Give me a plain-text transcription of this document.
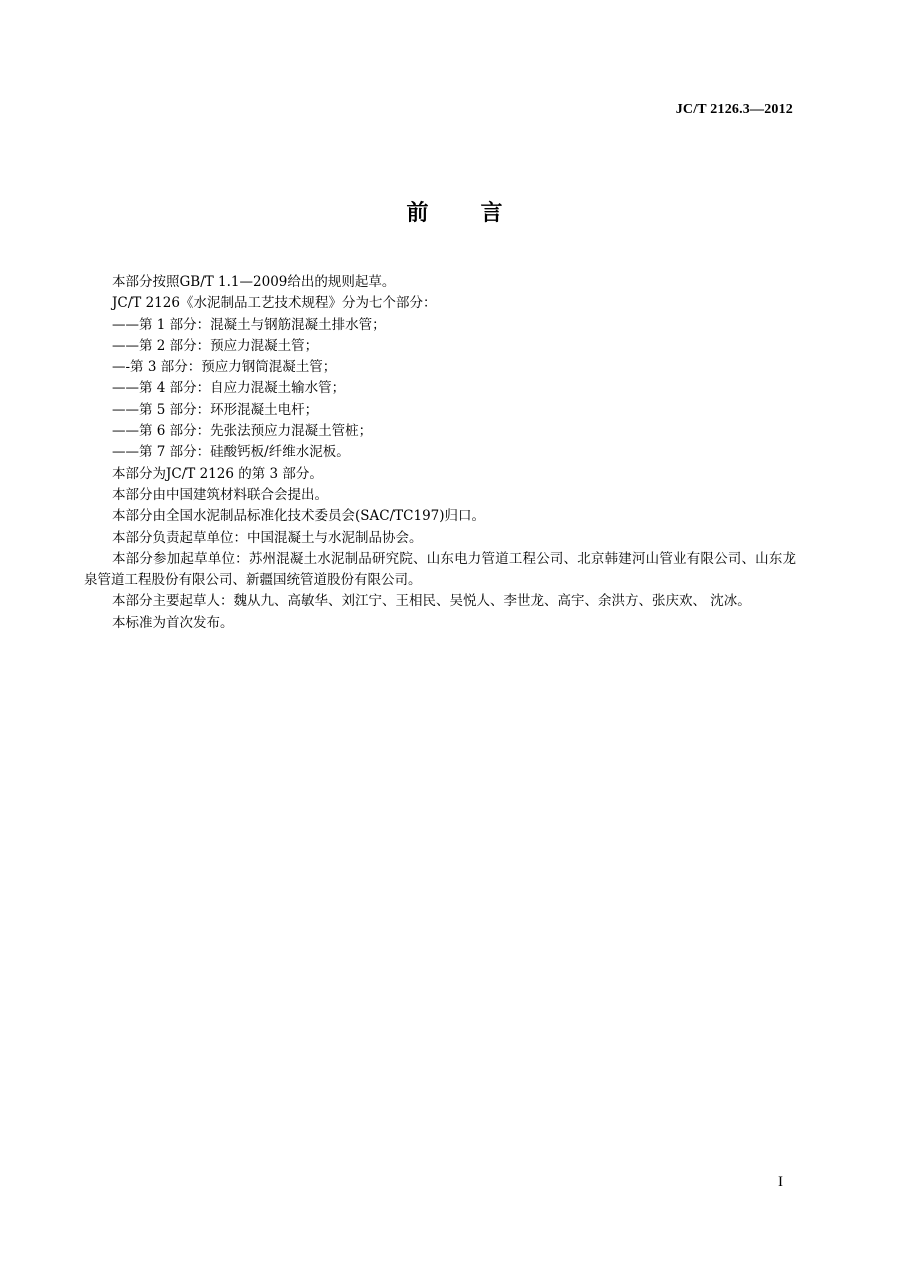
JC/T 2126.3—2012
前言

本部分按照GB/T 1.1—2009给出的规则起草。

JC/T 2126《水泥制品工艺技术规程》分为七个部分：

——第 1 部分：混凝土与钢筋混凝土排水管；

——第 2 部分：预应力混凝土管；

—-第 3 部分：预应力钢筒混凝土管；

——第 4 部分：自应力混凝土输水管；

——第 5 部分：环形混凝土电杆；

——第 6 部分：先张法预应力混凝土管桩；

——第 7 部分：硅酸钙板/纤维水泥板。

本部分为JC/T 2126 的第 3 部分。

本部分由中国建筑材料联合会提出。

本部分由全国水泥制品标准化技术委员会(SAC/TC197)归口。

本部分负责起草单位：中国混凝土与水泥制品协会。

本部分参加起草单位：苏州混凝土水泥制品研究院、山东电力管道工程公司、北京韩建河山管业有限公司、山东龙泉管道工程股份有限公司、新疆国统管道股份有限公司。

本部分主要起草人：魏从九、高敏华、刘江宁、王相民、吴悦人、李世龙、高宇、余洪方、张庆欢、 沈冰。

本标准为首次发布。

I
